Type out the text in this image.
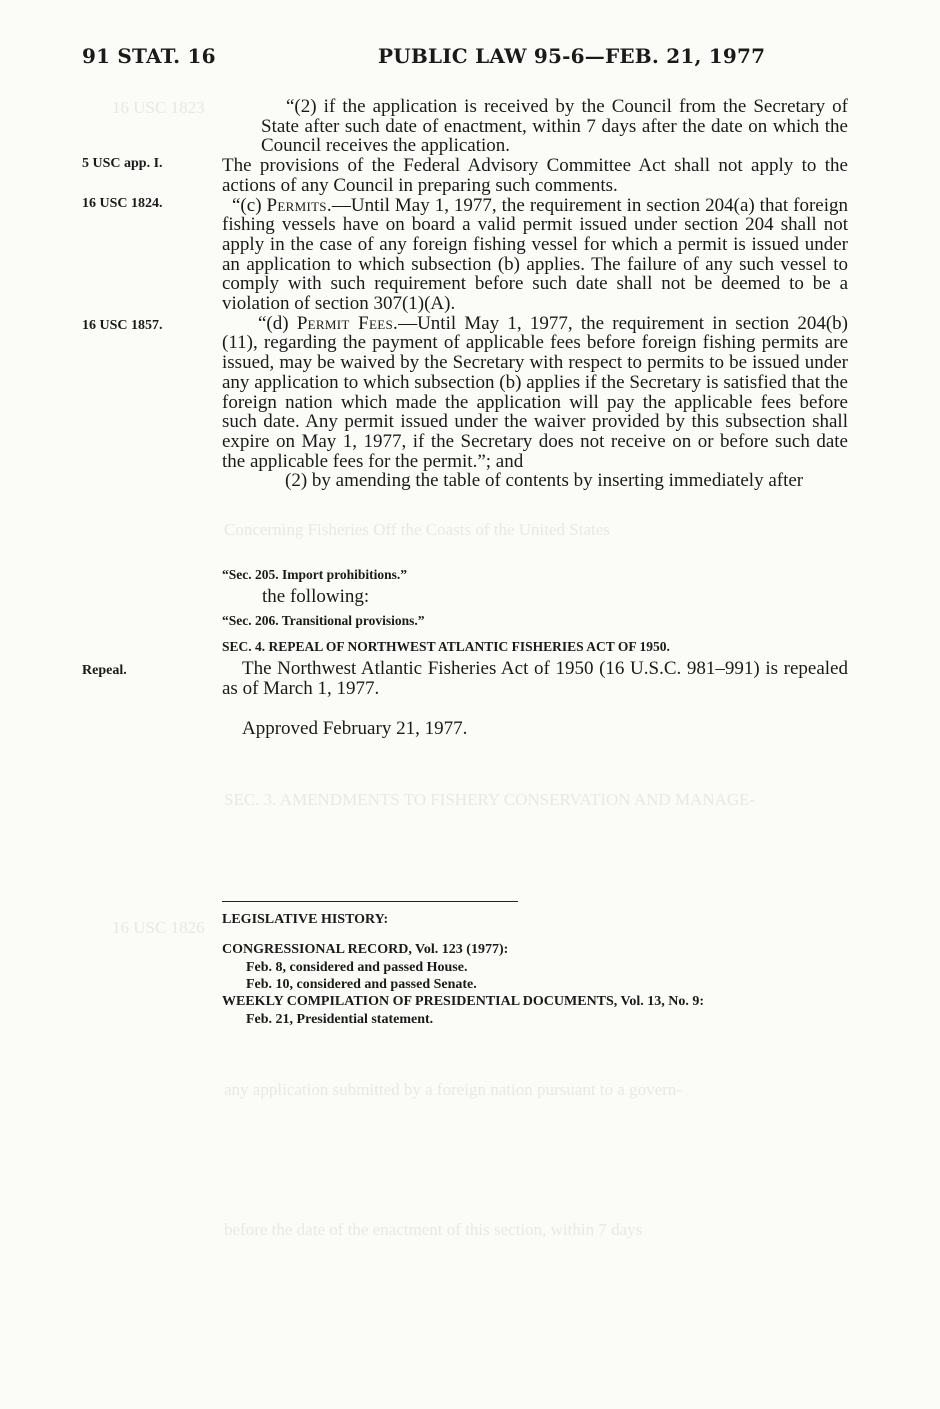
16 USC 1823
Concerning Fisheries Off the Coasts of the United States
SEC. 3. AMENDMENTS TO FISHERY CONSERVATION AND MANAGE-
16 USC 1826
any application submitted by a foreign nation pursuant to a govern-
before the date of the enactment of this section, within 7 days
91 STAT. 16	PUBLIC LAW 95-6—FEB. 21, 1977
5 USC app. I.
16 USC 1824.
16 USC 1857.
Repeal.

“(2) if the application is received by the Council from the Secretary of State after such date of enactment, within 7 days after the date on which the Council receives the application.

The provisions of the Federal Advisory Committee Act shall not apply to the actions of any Council in preparing such comments.

“(c) Permits.—Until May 1, 1977, the requirement in section 204(a) that foreign fishing vessels have on board a valid permit issued under section 204 shall not apply in the case of any foreign fishing vessel for which a permit is issued under an application to which subsection (b) applies. The failure of any such vessel to comply with such requirement before such date shall not be deemed to be a violation of section 307(1)(A).

“(d) Permit Fees.—Until May 1, 1977, the requirement in section 204(b)(11), regarding the payment of applicable fees before foreign fishing permits are issued, may be waived by the Secretary with respect to permits to be issued under any application to which subsection (b) applies if the Secretary is satisfied that the foreign nation which made the application will pay the applicable fees before such date. Any permit issued under the waiver provided by this subsection shall expire on May 1, 1977, if the Secretary does not receive on or before such date the applicable fees for the permit.”; and

(2) by amending the table of contents by inserting immediately after

“Sec. 205. Import prohibitions.”
the following:
“Sec. 206. Transitional provisions.”
SEC. 4. REPEAL OF NORTHWEST ATLANTIC FISHERIES ACT OF 1950.

The Northwest Atlantic Fisheries Act of 1950 (16 U.S.C. 981–991) is repealed as of March 1, 1977.

Approved February 21, 1977.
LEGISLATIVE HISTORY:
CONGRESSIONAL RECORD, Vol. 123 (1977):
Feb. 8, considered and passed House.
Feb. 10, considered and passed Senate.
WEEKLY COMPILATION OF PRESIDENTIAL DOCUMENTS, Vol. 13, No. 9:
Feb. 21, Presidential statement.
